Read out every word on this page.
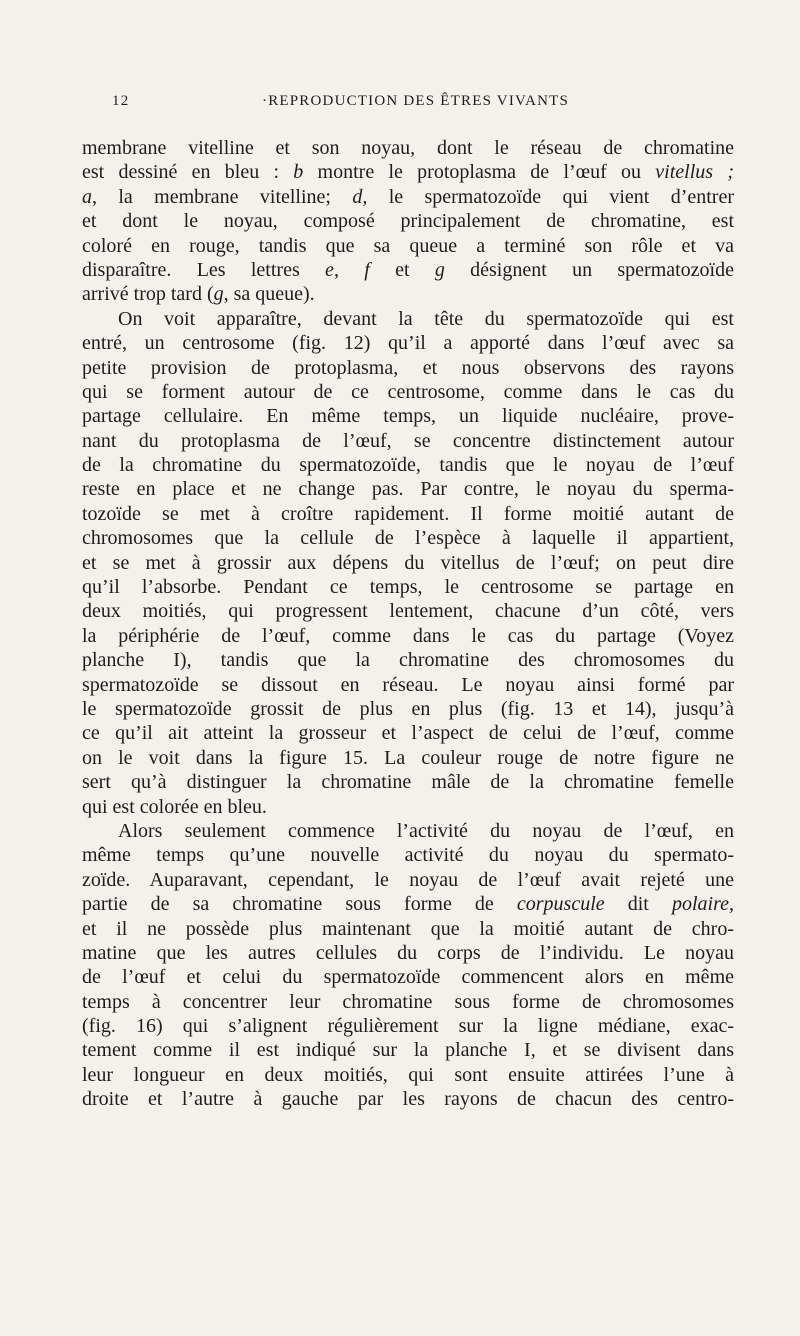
12	·REPRODUCTION DES ÊTRES VIVANTS
membrane vitelline et son noyau, dont le réseau de chromatine
est dessiné en bleu : b montre le protoplasma de l’œuf ou vitellus ;
a, la membrane vitelline; d, le spermatozoïde qui vient d’entrer
et dont le noyau, composé principalement de chromatine, est
coloré en rouge, tandis que sa queue a terminé son rôle et va
disparaître. Les lettres e, f et g désignent un spermatozoïde
arrivé trop tard (g, sa queue).
On voit apparaître, devant la tête du spermatozoïde qui est
entré, un centrosome (fig. 12) qu’il a apporté dans l’œuf avec sa
petite provision de protoplasma, et nous observons des rayons
qui se forment autour de ce centrosome, comme dans le cas du
partage cellulaire. En même temps, un liquide nucléaire, prove-
nant du protoplasma de l’œuf, se concentre distinctement autour
de la chromatine du spermatozoïde, tandis que le noyau de l’œuf
reste en place et ne change pas. Par contre, le noyau du sperma-
tozoïde se met à croître rapidement. Il forme moitié autant de
chromosomes que la cellule de l’espèce à laquelle il appartient,
et se met à grossir aux dépens du vitellus de l’œuf; on peut dire
qu’il l’absorbe. Pendant ce temps, le centrosome se partage en
deux moitiés, qui progressent lentement, chacune d’un côté, vers
la périphérie de l’œuf, comme dans le cas du partage (Voyez
planche I), tandis que la chromatine des chromosomes du
spermatozoïde se dissout en réseau. Le noyau ainsi formé par
le spermatozoïde grossit de plus en plus (fig. 13 et 14), jusqu’à
ce qu’il ait atteint la grosseur et l’aspect de celui de l’œuf, comme
on le voit dans la figure 15. La couleur rouge de notre figure ne
sert qu’à distinguer la chromatine mâle de la chromatine femelle
qui est colorée en bleu.
Alors seulement commence l’activité du noyau de l’œuf, en
même temps qu’une nouvelle activité du noyau du spermato-
zoïde. Auparavant, cependant, le noyau de l’œuf avait rejeté une
partie de sa chromatine sous forme de corpuscule dit polaire,
et il ne possède plus maintenant que la moitié autant de chro-
matine que les autres cellules du corps de l’individu. Le noyau
de l’œuf et celui du spermatozoïde commencent alors en même
temps à concentrer leur chromatine sous forme de chromosomes
(fig. 16) qui s’alignent régulièrement sur la ligne médiane, exac-
tement comme il est indiqué sur la planche I, et se divisent dans
leur longueur en deux moitiés, qui sont ensuite attirées l’une à
droite et l’autre à gauche par les rayons de chacun des centro-
